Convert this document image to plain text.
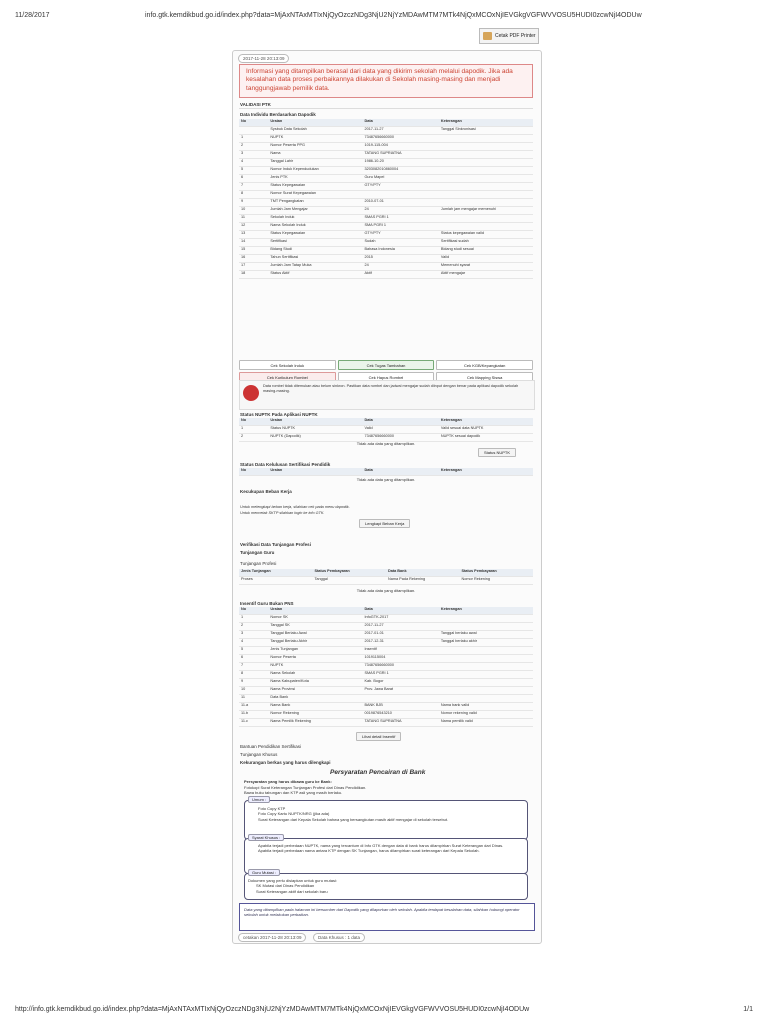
11/28/2017	info.gtk.kemdikbud.go.id/index.php?data=MjAxNTAxMTIxNjQyOzczNDg3NjU2NjYzMDAwMTM7MTk4NjQxMCOxNjIEVGkgVGFWVVOSU5HUDI0zcwNjI4ODUw
Cetak PDF Printer
2017-11-28 20:13:09
Informasi yang ditampilkan berasal dari data yang dikirim sekolah melalui dapodik. Jika ada kesalahan data proses perbaikannya dilakukan di Sekolah masing-masing dan menjadi tanggungjawab pemilik data.
VALIDASI PTK
Data Individu Berdasarkan Dapodik
No	Uraian	Data	Keterangan
	Sysbuk Data Sekolah	2017-11-27	Tanggal Sinkronisasi
1	NUPTK	73487656660000	
2	Nomor Peserta PPG	1019-115-004	
3	Nama	TATANG SUPRIATNA	
4	Tanggal Lahir	1986-10-20	
5	Nomor Induk Kependudukan	3203082010860004	
6	Jenis PTK	Guru Mapel	
7	Status Kepegawaian	GTY/PTY	
8	Nomor Surat Kepegawaian		
9	TMT Pengangkatan	2010-07-01	
10	Jumlah Jam Mengajar	24	Jumlah jam mengajar memenuhi
11	Sekolah Induk	SMAS PGRI 1	
12	Nama Sekolah Induk	SMA PGRI 1	
13	Status Kepegawaian	GTY/PTY	Status kepegawaian valid
14	Sertifikasi	Sudah	Sertifikasi sudah
15	Bidang Studi	Bahasa Indonesia	Bidang studi sesuai
16	Tahun Sertifikasi	2015	Valid
17	Jumlah Jam Tatap Muka	24	Memenuhi syarat
18	Status Aktif	Aktif	Aktif mengajar
Cek Sekolah Induk	Cek Tugas Tambahan	Cek KGB/Kepangkatan
Cek Kurikulum Rombel	Cek Hapus Rombel	Cek Mapping Siswa
Data rombel tidak ditemukan atau belum sinkron. Pastikan data rombel dan jadwal mengajar sudah diinput dengan benar pada aplikasi dapodik sekolah masing-masing.
Status NUPTK Pada Aplikasi NUPTK
No	Uraian	Data	Keterangan
1	Status NUPTK	Valid	Valid sesuai data NUPTK
2	NUPTK (Dapodik)	73487656660000	NUPTK sesuai dapodik
Tidak ada data yang ditampilkan.
Status NUPTK
Status Data Kelulusan Sertifikasi Pendidik
No	Uraian	Data	Keterangan
Tidak ada data yang ditampilkan.
Kecukupan Beban Kerja
Untuk melengkapi beban kerja, silahkan cek pada menu dapodik.
Untuk mencetak SKTP silahkan login ke info GTK.
Lengkapi Beban Kerja
Verifikasi Data Tunjangan Profesi
Tunjangan Guru
Tunjangan Profesi
Jenis Tunjangan	Status Pembayaran	Data Bank	Status Pembayaran
Proses	Tanggal	Nama Pada Rekening	Nomor Rekening
Tidak ada data yang ditampilkan.
Insentif Guru Bukan PNS
No	Uraian	Data	Keterangan
1	Nomor SK	InfoGTK-2017	
2	Tanggal SK	2017-11-27	
3	Tanggal Berlaku Awal	2017-01-01	Tanggal berlaku awal
4	Tanggal Berlaku Akhir	2017-12-31	Tanggal berlaku akhir
5	Jenis Tunjangan	Insentif	
6	Nomor Peserta	1019115004	
7	NUPTK	73487656660000	
8	Nama Sekolah	SMAS PGRI 1	
9	Nama Kabupaten/Kota	Kab. Bogor	
10	Nama Provinsi	Prov. Jawa Barat	
11	Data Bank		
11.a	Nama Bank	BANK BJB	Nama bank valid
11.b	Nomor Rekening	0019876543210	Nomor rekening valid
11.c	Nama Pemilik Rekening	TATANG SUPRIATNA	Nama pemilik valid
Lihat detail Insentif
Bantuan Pendidikan Sertifikasi
Tunjangan Khusus
Kekurangan berkas yang harus dilengkapi
Persyaratan Pencairan di Bank
Persyaratan yang harus dibawa guru ke Bank:
Fotokopi Surat Keterangan Tunjangan Profesi dari Dinas Pendidikan.
Bawa buku tabungan dan KTP asli yang masih berlaku.
Umum :
Foto Copy KTP
Foto Copy Kartu NUPTK/NRG (jika ada)
Surat Keterangan dari Kepala Sekolah bahwa yang bersangkutan masih aktif mengajar di sekolah tersebut.
Syarat Khusus :
Apabila terjadi perbedaan NUPTK, nama yang tercantum di Info GTK dengan data di bank harus dilampirkan Surat Keterangan dari Dinas.
Apabila terjadi perbedaan nama antara KTP dengan SK Tunjangan, harus dilampirkan surat keterangan dari Kepala Sekolah.
Guru Mutasi :
Dokumen yang perlu disiapkan untuk guru mutasi:
SK Mutasi dari Dinas Pendidikan
Surat Keterangan aktif dari sekolah baru
Data yang ditampilkan pada halaman ini bersumber dari Dapodik yang dilaporkan oleh sekolah. Apabila terdapat kesalahan data, silahkan hubungi operator sekolah untuk melakukan perbaikan.
cetakan 2017-11-28 20:13:09	Data Khusus : 1 data
http://info.gtk.kemdikbud.go.id/index.php?data=MjAxNTAxMTIxNjQyOzczNDg3NjU2NjYzMDAwMTM7MTk4NjQxMCOxNjIEVGkgVGFWVVOSU5HUDI0zcwNjI4ODUw	1/1
